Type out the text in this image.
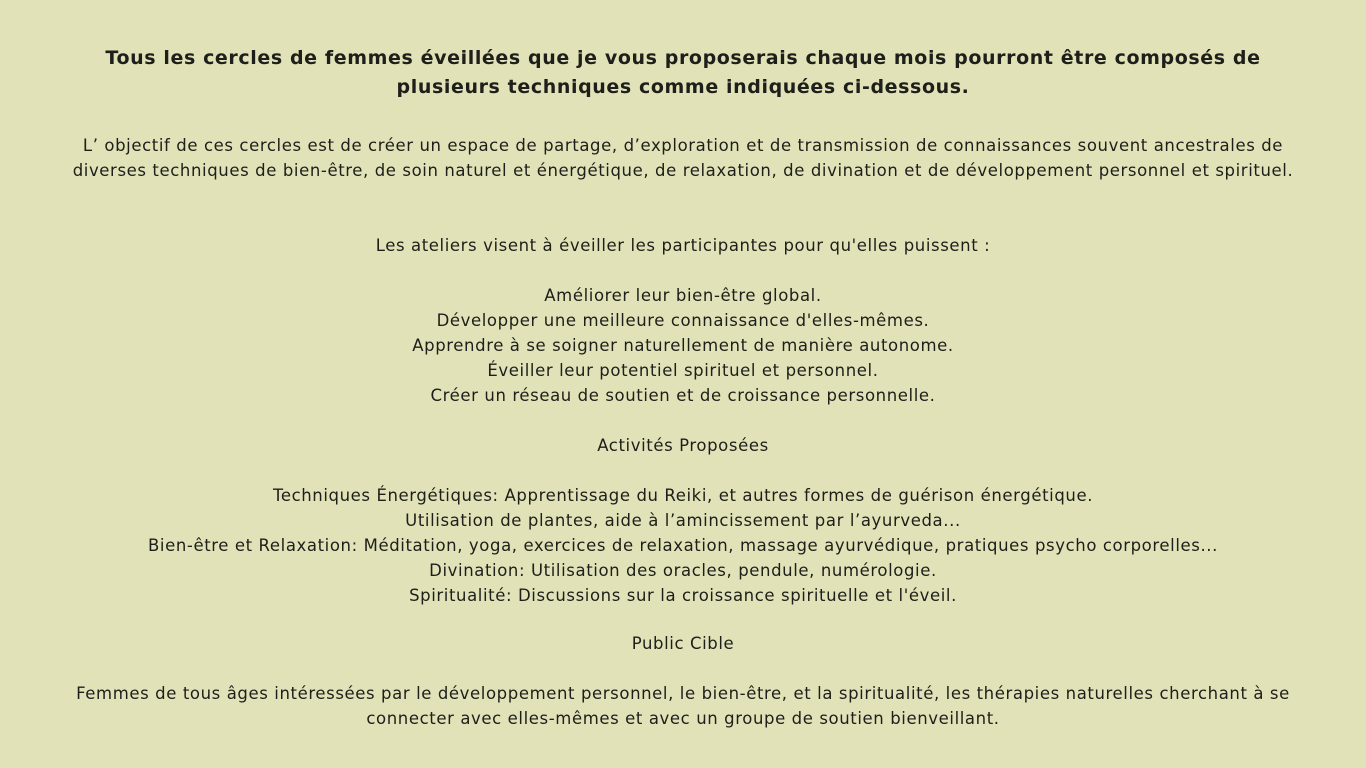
Tous les cercles de femmes éveillées que je vous proposerais chaque mois pourront être composés de plusieurs techniques comme indiquées ci-dessous.

L’ objectif de ces cercles est de créer un espace de partage, d’exploration et de transmission de connaissances souvent ancestrales de diverses techniques de bien-être, de soin naturel et énergétique, de relaxation, de divination et de développement personnel et spirituel.

Les ateliers visent à éveiller les participantes pour qu'elles puissent :

Améliorer leur bien-être global.
Développer une meilleure connaissance d'elles-mêmes.
Apprendre à se soigner naturellement de manière autonome.
Éveiller leur potentiel spirituel et personnel.
Créer un réseau de soutien et de croissance personnelle.

Activités Proposées

Techniques Énergétiques: Apprentissage du Reiki, et autres formes de guérison énergétique.
Utilisation de plantes, aide à l’amincissement par l’ayurveda...
Bien-être et Relaxation: Méditation, yoga, exercices de relaxation, massage ayurvédique, pratiques psycho corporelles...
Divination: Utilisation des oracles, pendule, numérologie.
Spiritualité: Discussions sur la croissance spirituelle et l'éveil.

Public Cible

Femmes de tous âges intéressées par le développement personnel, le bien-être, et la spiritualité, les thérapies naturelles cherchant à se connecter avec elles-mêmes et avec un groupe de soutien bienveillant.
